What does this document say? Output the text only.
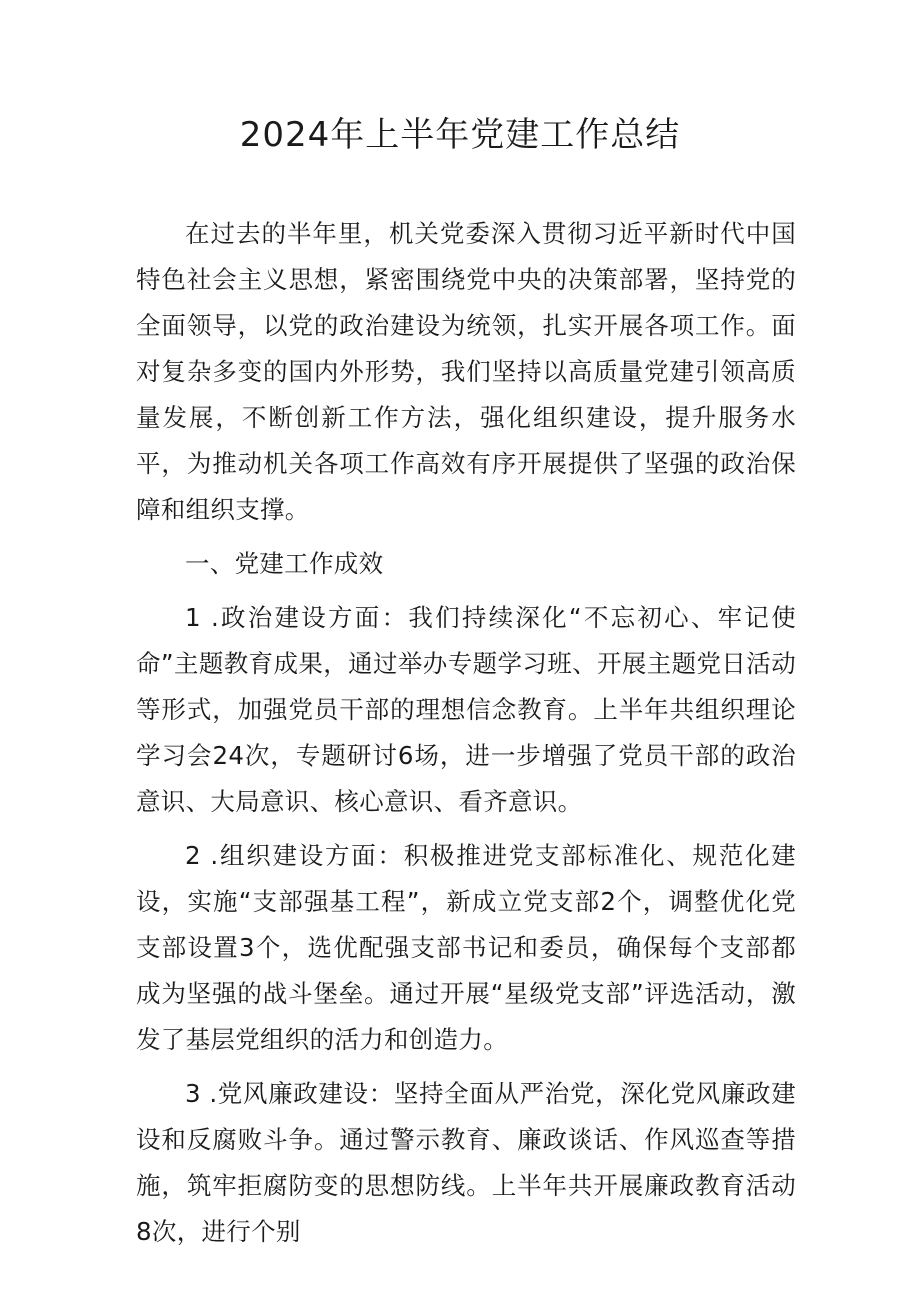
2024年上半年党建工作总结

在过去的半年里，机关党委深入贯彻习近平新时代中国特色社会主义思想，紧密围绕党中央的决策部署，坚持党的全面领导，以党的政治建设为统领，扎实开展各项工作。面对复杂多变的国内外形势，我们坚持以高质量党建引领高质量发展，不断创新工作方法，强化组织建设，提升服务水平，为推动机关各项工作高效有序开展提供了坚强的政治保障和组织支撑。

一、党建工作成效

1 .政治建设方面：我们持续深化“不忘初心、牢记使命”主题教育成果，通过举办专题学习班、开展主题党日活动等形式，加强党员干部的理想信念教育。上半年共组织理论学习会24次，专题研讨6场，进一步增强了党员干部的政治意识、大局意识、核心意识、看齐意识。

2 .组织建设方面：积极推进党支部标准化、规范化建设，实施“支部强基工程”，新成立党支部2个，调整优化党支部设置3个，选优配强支部书记和委员，确保每个支部都成为坚强的战斗堡垒。通过开展“星级党支部”评选活动，激发了基层党组织的活力和创造力。

3 .党风廉政建设：坚持全面从严治党，深化党风廉政建设和反腐败斗争。通过警示教育、廉政谈话、作风巡查等措施，筑牢拒腐防变的思想防线。上半年共开展廉政教育活动8次，进行个别
